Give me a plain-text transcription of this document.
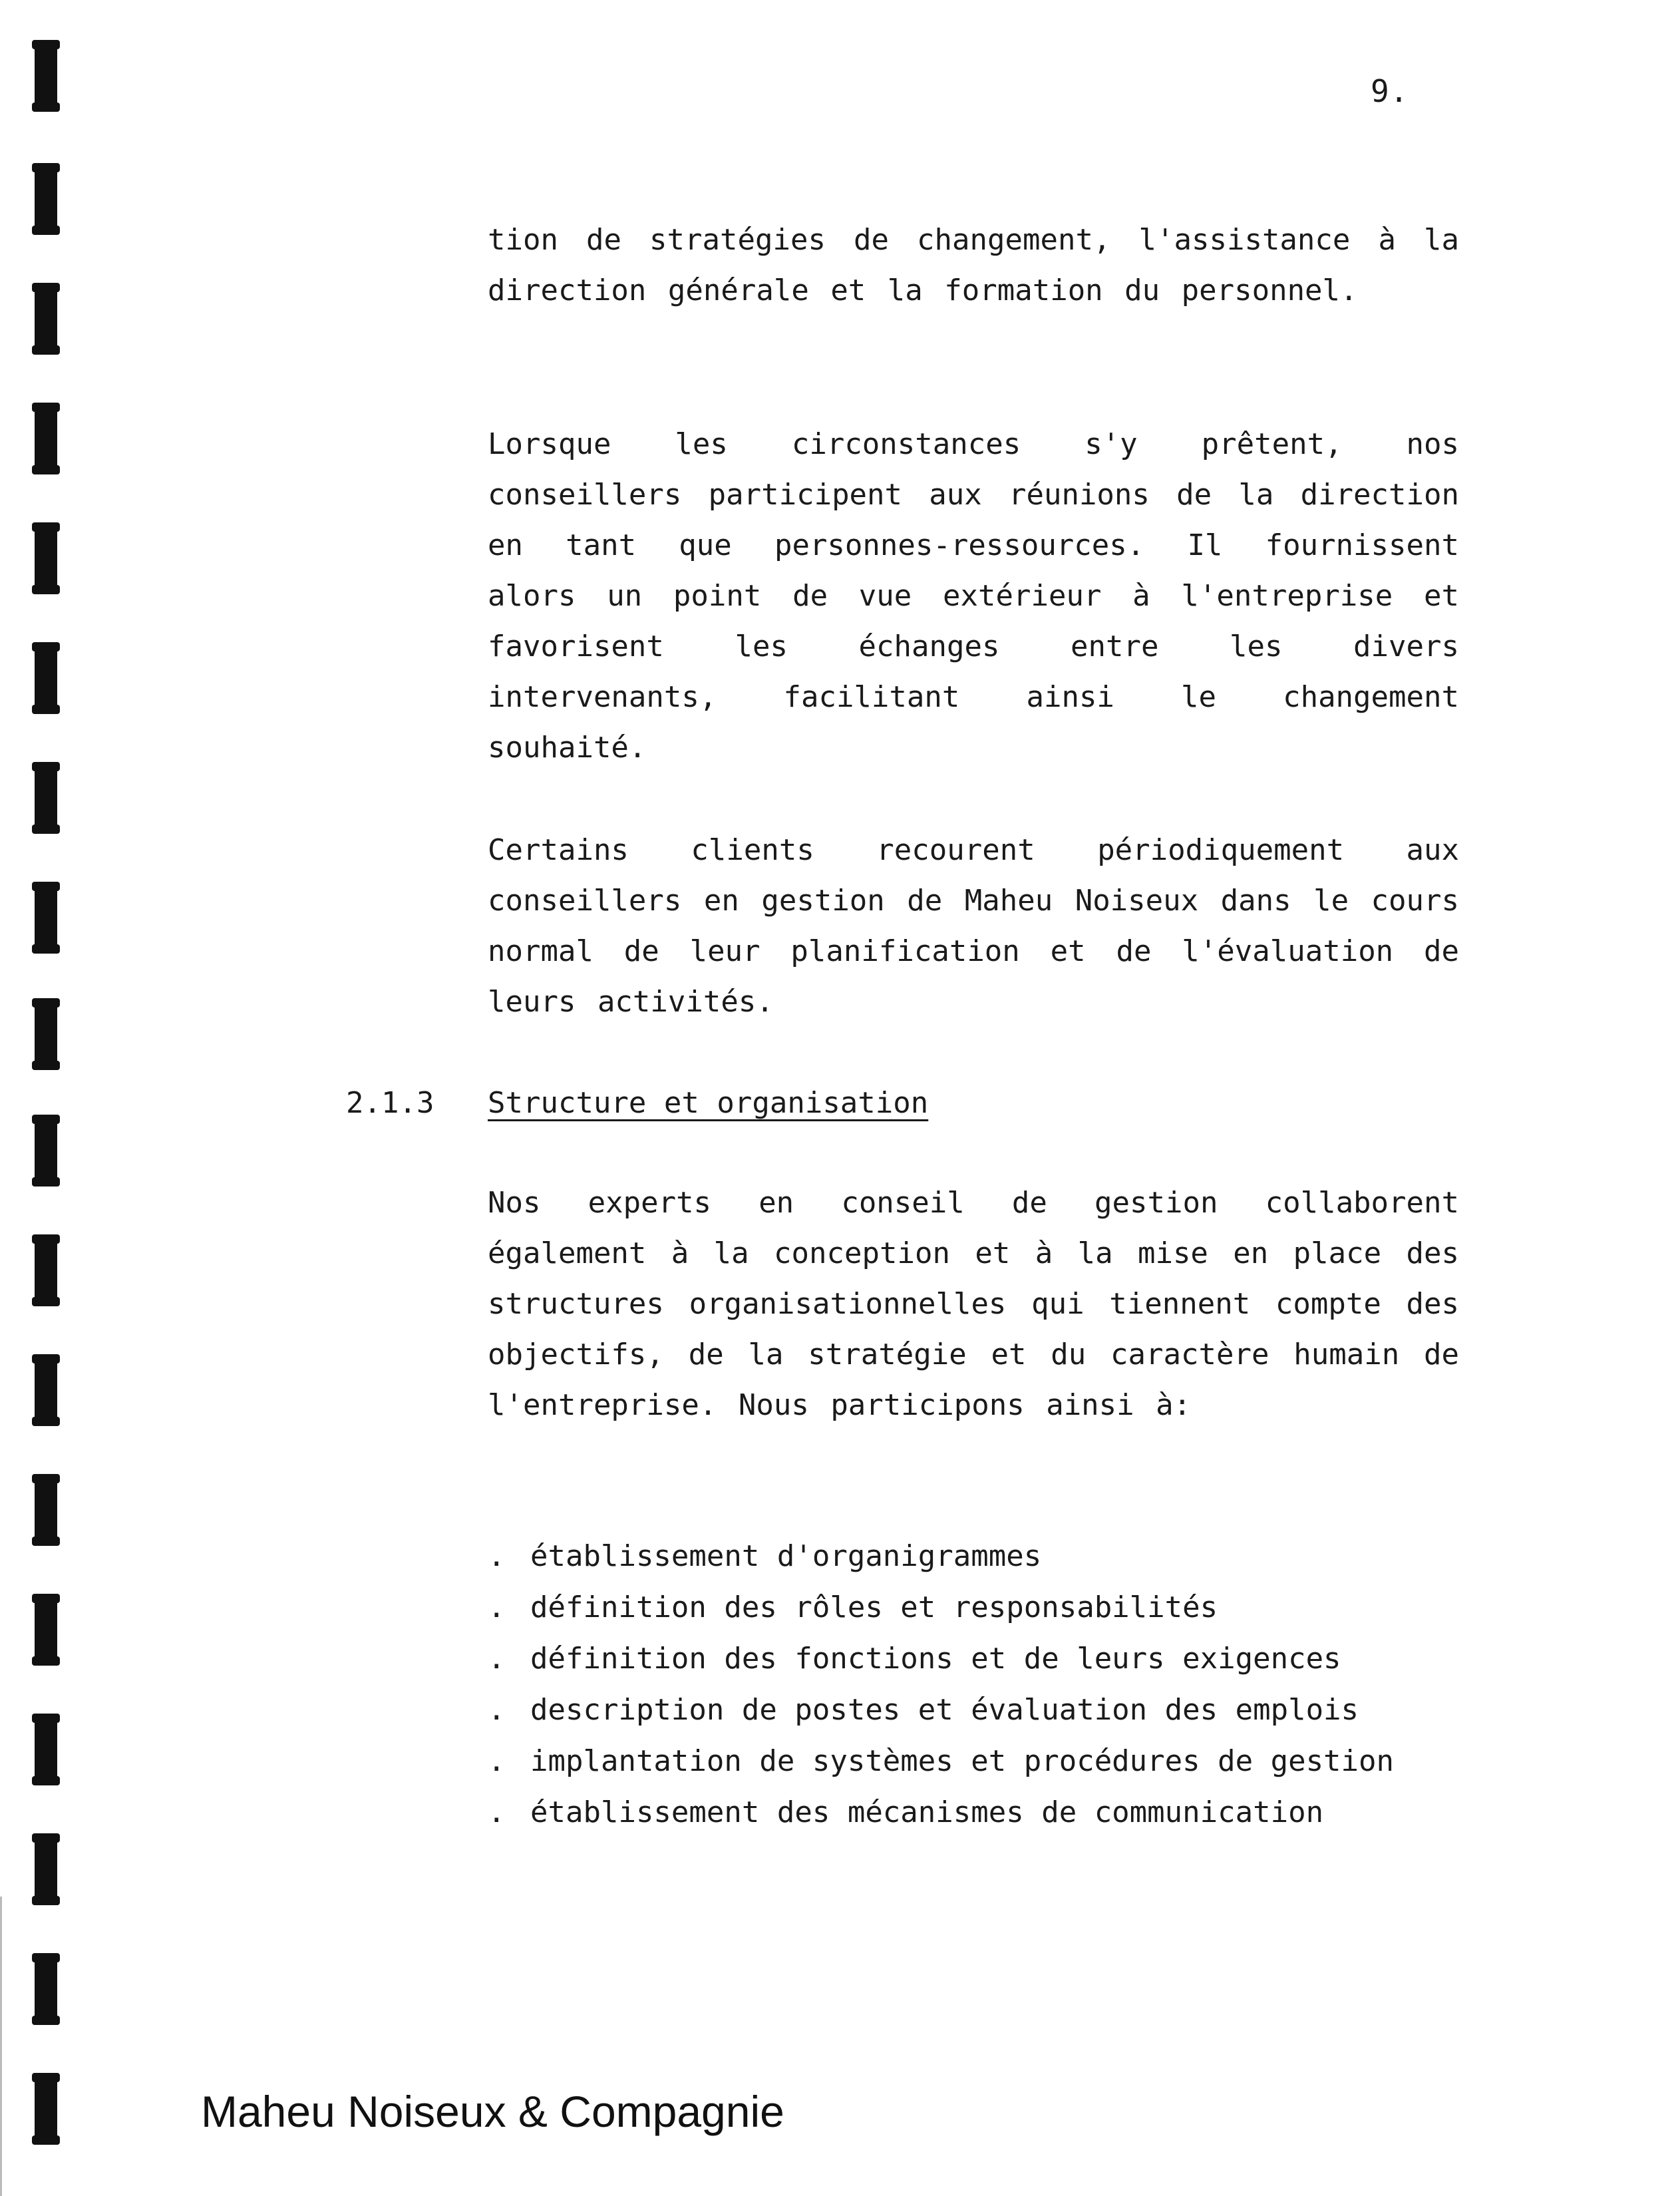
9.

tion de stratégies de changement, l'assistance à la direction générale et la formation du personnel.

Lorsque les circonstances s'y prêtent, nos conseillers participent aux réunions de la direction en tant que personnes-ressources. Il fournissent alors un point de vue extérieur à l'entreprise et favorisent les échanges entre les divers intervenants, facilitant ainsi le changement souhaité.

Certains clients recourent périodiquement aux conseillers en gestion de Maheu Noiseux dans le cours normal de leur planification et de l'évaluation de leurs activités.

2.1.3 Structure et organisation

Nos experts en conseil de gestion collaborent également à la conception et à la mise en place des structures organisationnelles qui tiennent compte des objectifs, de la stratégie et du caractère humain de l'entreprise. Nous participons ainsi à:

. établissement d'organigrammes
. définition des rôles et responsabilités
. définition des fonctions et de leurs exigences
. description de postes et évaluation des emplois
. implantation de systèmes et procédures de gestion
. établissement des mécanismes de communication
Maheu Noiseux & Compagnie
